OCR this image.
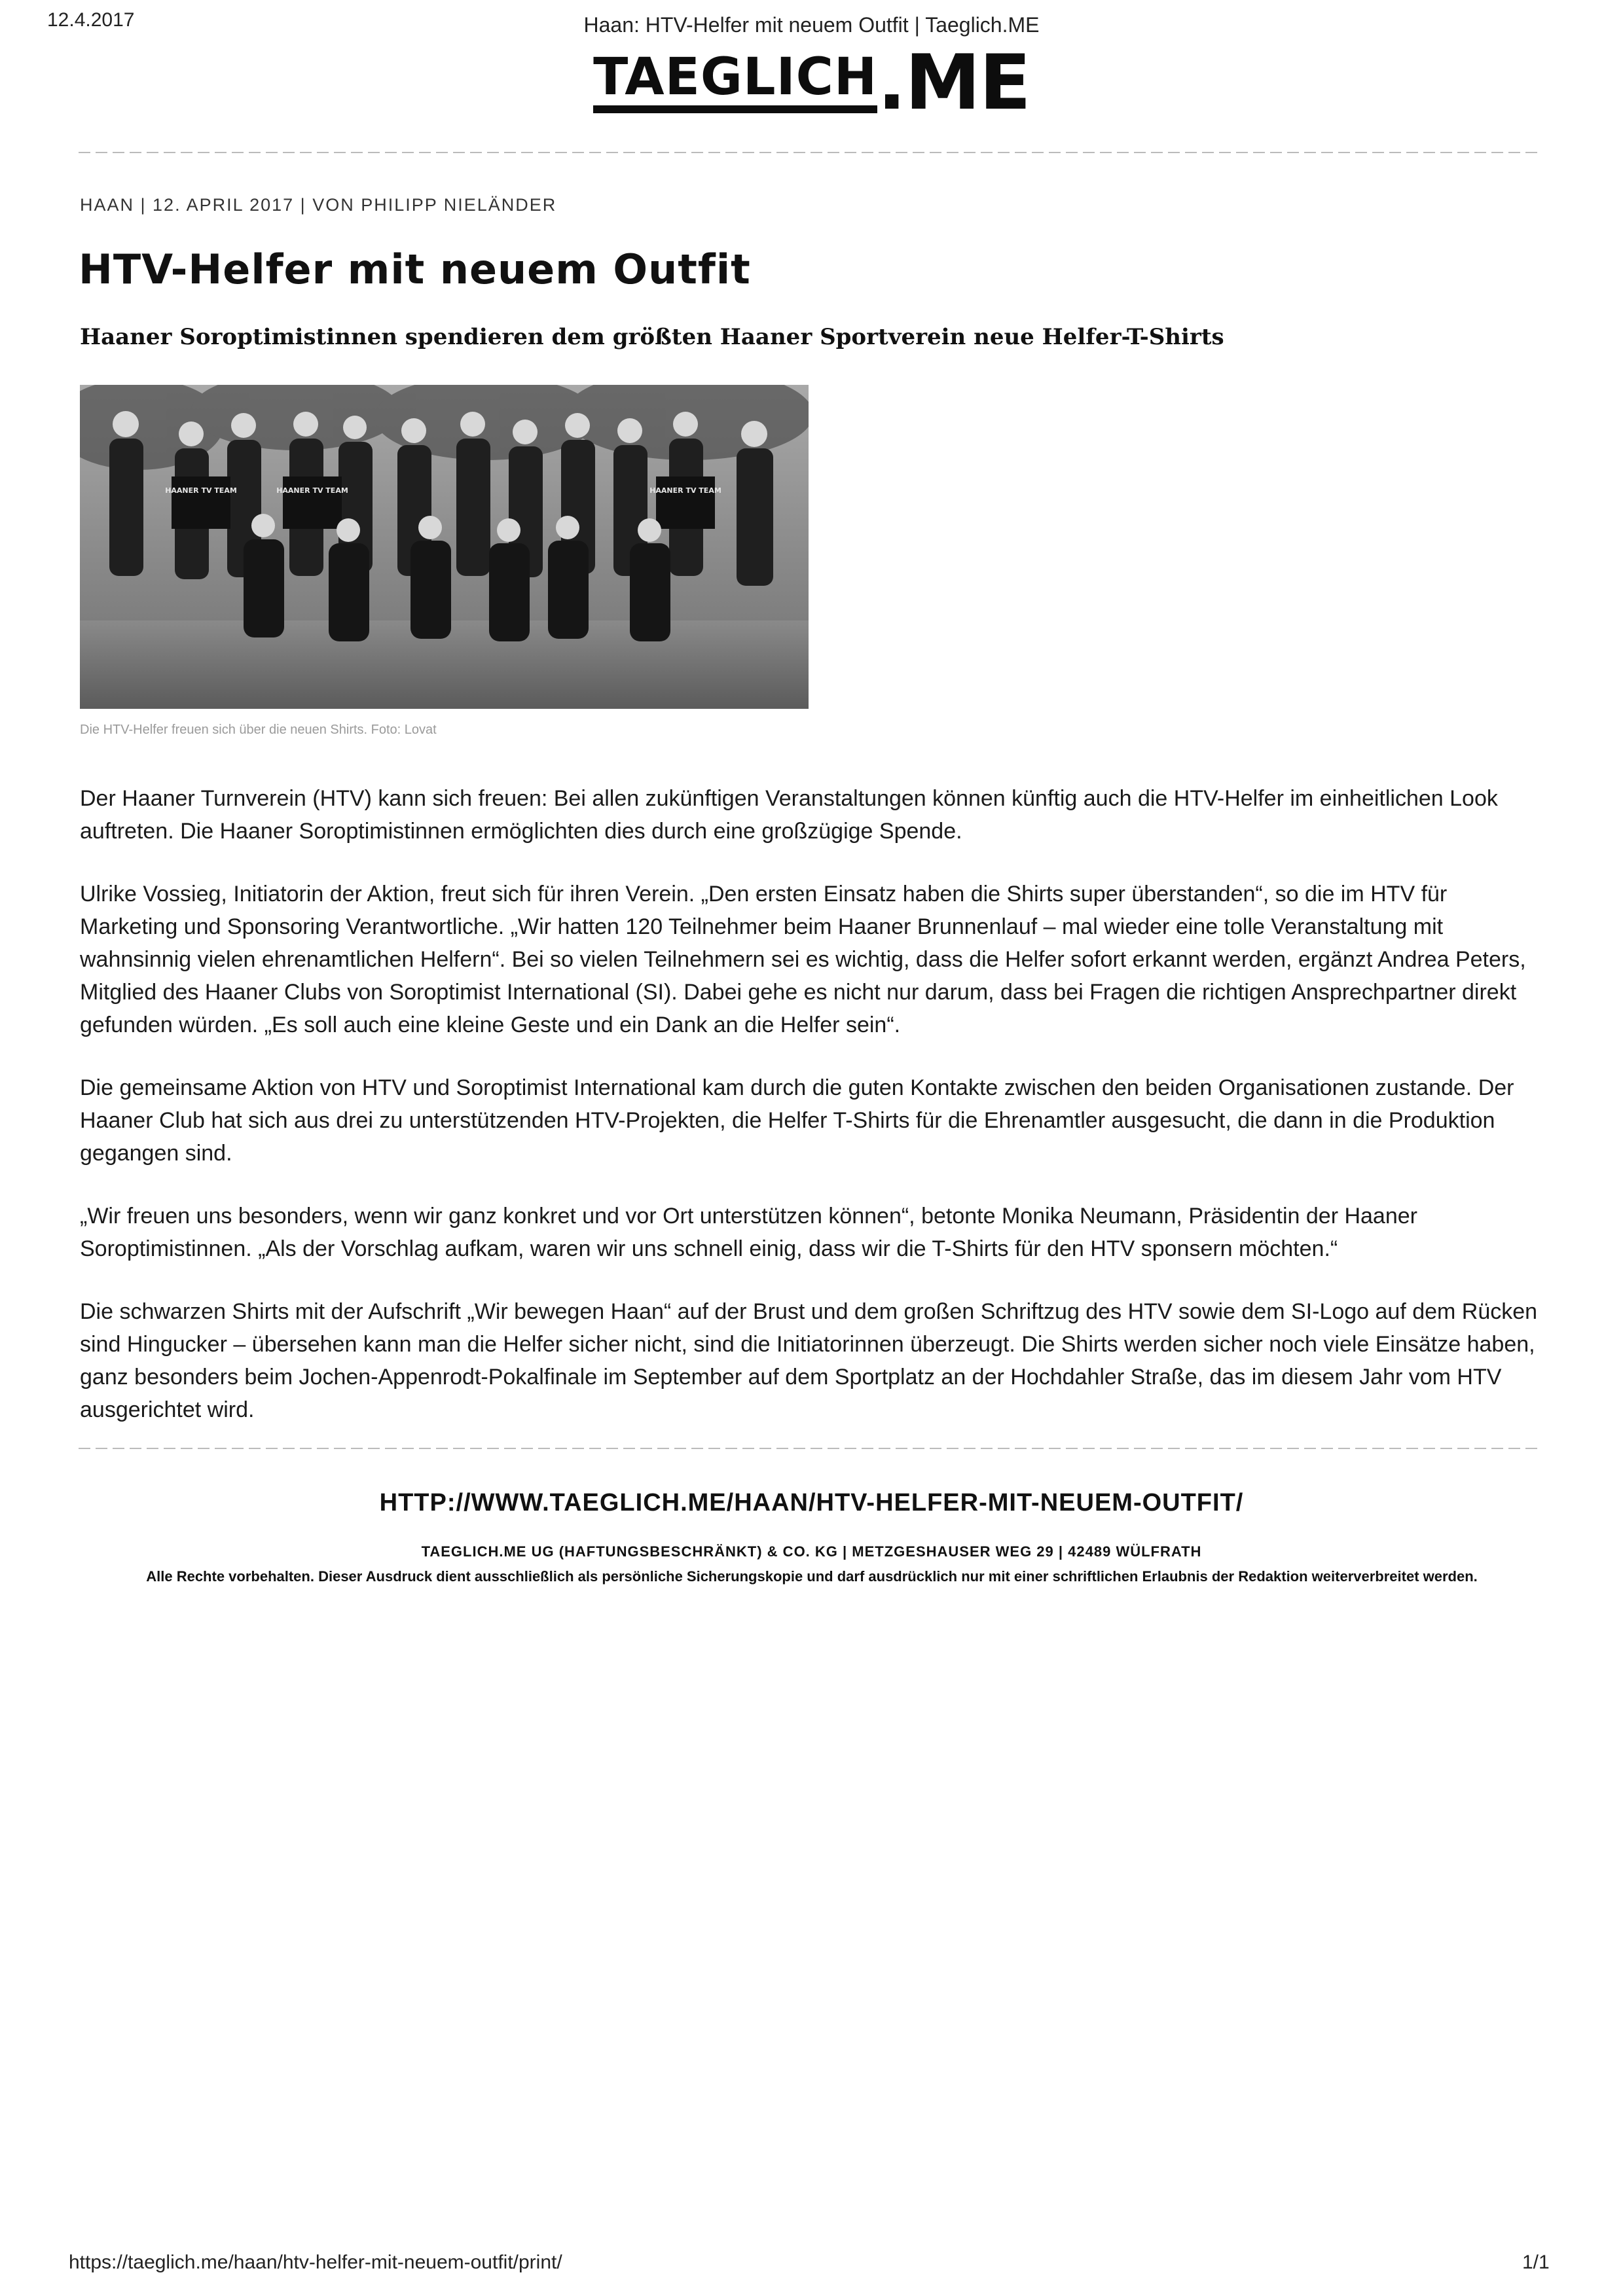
12.4.2017	Haan: HTV-Helfer mit neuem Outfit | Taeglich.ME
TAEGLICH.ME
HAAN | 12. APRIL 2017 | VON PHILIPP NIELÄNDER
HTV-Helfer mit neuem Outfit
Haaner Soroptimistinnen spendieren dem größten Haaner Sportverein neue Helfer-T-Shirts
HAANER TV TEAM	HAANER TV TEAM	HAANER TV TEAM
Die HTV-Helfer freuen sich über die neuen Shirts. Foto: Lovat

Der Haaner Turnverein (HTV) kann sich freuen: Bei allen zukünftigen Veranstaltungen können künftig auch die HTV-Helfer im einheitlichen Look auftreten. Die Haaner Soroptimistinnen ermöglichten dies durch eine großzügige Spende.

Ulrike Vossieg, Initiatorin der Aktion, freut sich für ihren Verein. „Den ersten Einsatz haben die Shirts super überstanden“, so die im HTV für Marketing und Sponsoring Verantwortliche. „Wir hatten 120 Teilnehmer beim Haaner Brunnenlauf – mal wieder eine tolle Veranstaltung mit wahnsinnig vielen ehrenamtlichen Helfern“. Bei so vielen Teilnehmern sei es wichtig, dass die Helfer sofort erkannt werden, ergänzt Andrea Peters, Mitglied des Haaner Clubs von Soroptimist International (SI). Dabei gehe es nicht nur darum, dass bei Fragen die richtigen Ansprechpartner direkt gefunden würden. „Es soll auch eine kleine Geste und ein Dank an die Helfer sein“.

Die gemeinsame Aktion von HTV und Soroptimist International kam durch die guten Kontakte zwischen den beiden Organisationen zustande. Der Haaner Club hat sich aus drei zu unterstützenden HTV-Projekten, die Helfer T-Shirts für die Ehrenamtler ausgesucht, die dann in die Produktion gegangen sind.

„Wir freuen uns besonders, wenn wir ganz konkret und vor Ort unterstützen können“, betonte Monika Neumann, Präsidentin der Haaner Soroptimistinnen. „Als der Vorschlag aufkam, waren wir uns schnell einig, dass wir die T-Shirts für den HTV sponsern möchten.“

Die schwarzen Shirts mit der Aufschrift „Wir bewegen Haan“ auf der Brust und dem großen Schriftzug des HTV sowie dem SI-Logo auf dem Rücken sind Hingucker – übersehen kann man die Helfer sicher nicht, sind die Initiatorinnen überzeugt. Die Shirts werden sicher noch viele Einsätze haben, ganz besonders beim Jochen-Appenrodt-Pokalfinale im September auf dem Sportplatz an der Hochdahler Straße, das im diesem Jahr vom HTV ausgerichtet wird.

HTTP://WWW.TAEGLICH.ME/HAAN/HTV-HELFER-MIT-NEUEM-OUTFIT/
TAEGLICH.ME UG (HAFTUNGSBESCHRÄNKT) & CO. KG | METZGESHAUSER WEG 29 | 42489 WÜLFRATH
Alle Rechte vorbehalten. Dieser Ausdruck dient ausschließlich als persönliche Sicherungskopie und darf ausdrücklich nur mit einer schriftlichen Erlaubnis der Redaktion weiterverbreitet werden.
https://taeglich.me/haan/htv-helfer-mit-neuem-outfit/print/	1/1
